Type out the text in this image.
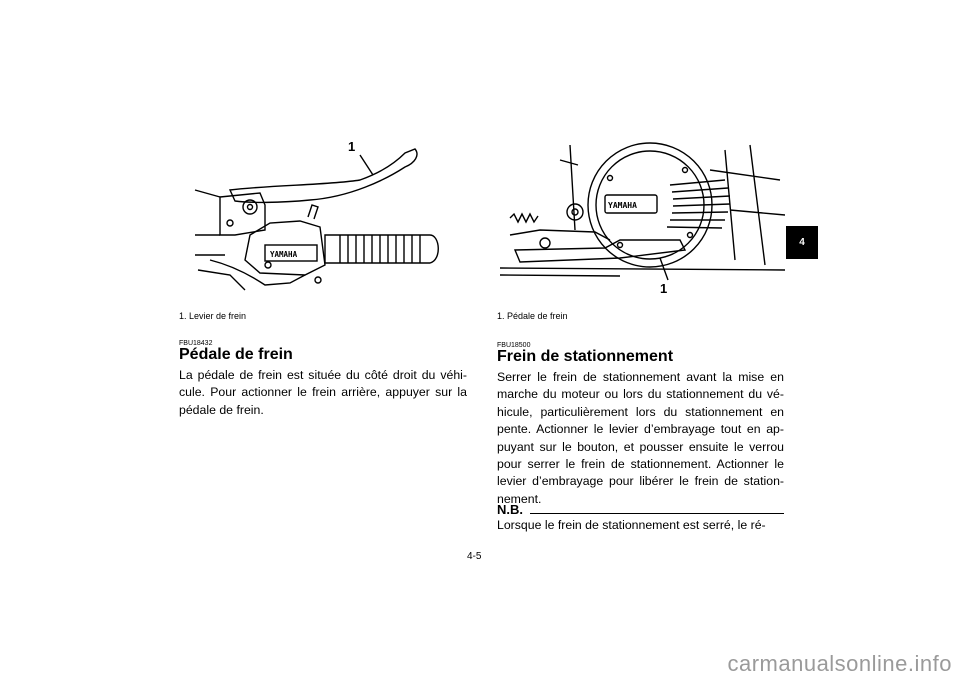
YAMAHA
1
1. Levier de frein
FBU18432
Pédale de frein

La pédale de frein est située du côté droit du véhi-cule. Pour actionner le frein arrière, appuyer sur la pédale de frein.

YAMAHA
1
1. Pédale de frein
FBU18500
Frein de stationnement

Serrer le frein de stationnement avant la mise en marche du moteur ou lors du stationnement du vé-hicule, particulièrement lors du stationnement en pente. Actionner le levier d’embrayage tout en ap-puyant sur le bouton, et pousser ensuite le verrou pour serrer le frein de stationnement. Actionner le levier d’embrayage pour libérer le frein de station-nement.

N.B.

Lorsque le frein de stationnement est serré, le ré-

4
4-5
carmanualsonline.info
